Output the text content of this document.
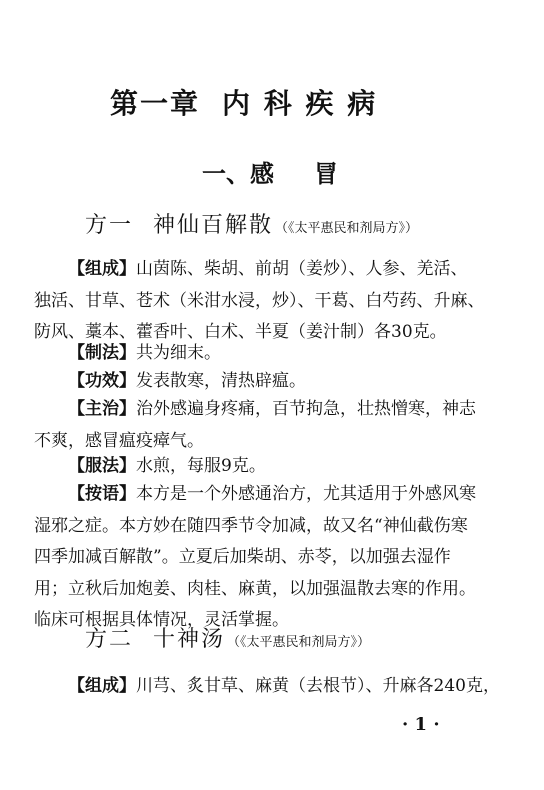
第一章 内 科 疾 病
一、感 冒
方一 神仙百解散 （《太平惠民和剂局方》）
【组成】山茵陈、柴胡、前胡（姜炒）、人参、羌活、
独活、甘草、苍术（米泔水浸，炒）、干葛、白芍药、升麻、
防风、藁本、藿香叶、白术、半夏（姜汁制）各30克。
【制法】共为细末。
【功效】发表散寒，清热辟瘟。
【主治】治外感遍身疼痛，百节拘急，壮热憎寒，神志
不爽，感冒瘟疫瘴气。
【服法】水煎，每服9克。
【按语】本方是一个外感通治方，尤其适用于外感风寒
湿邪之症。本方妙在随四季节令加减，故又名“神仙截伤寒
四季加减百解散”。立夏后加柴胡、赤苓，以加强去湿作
用；立秋后加炮姜、肉桂、麻黄，以加强温散去寒的作用。
临床可根据具体情况，灵活掌握。
方二 十神汤 （《太平惠民和剂局方》）
【组成】川芎、炙甘草、麻黄（去根节）、升麻各240克，
· 1 ·
